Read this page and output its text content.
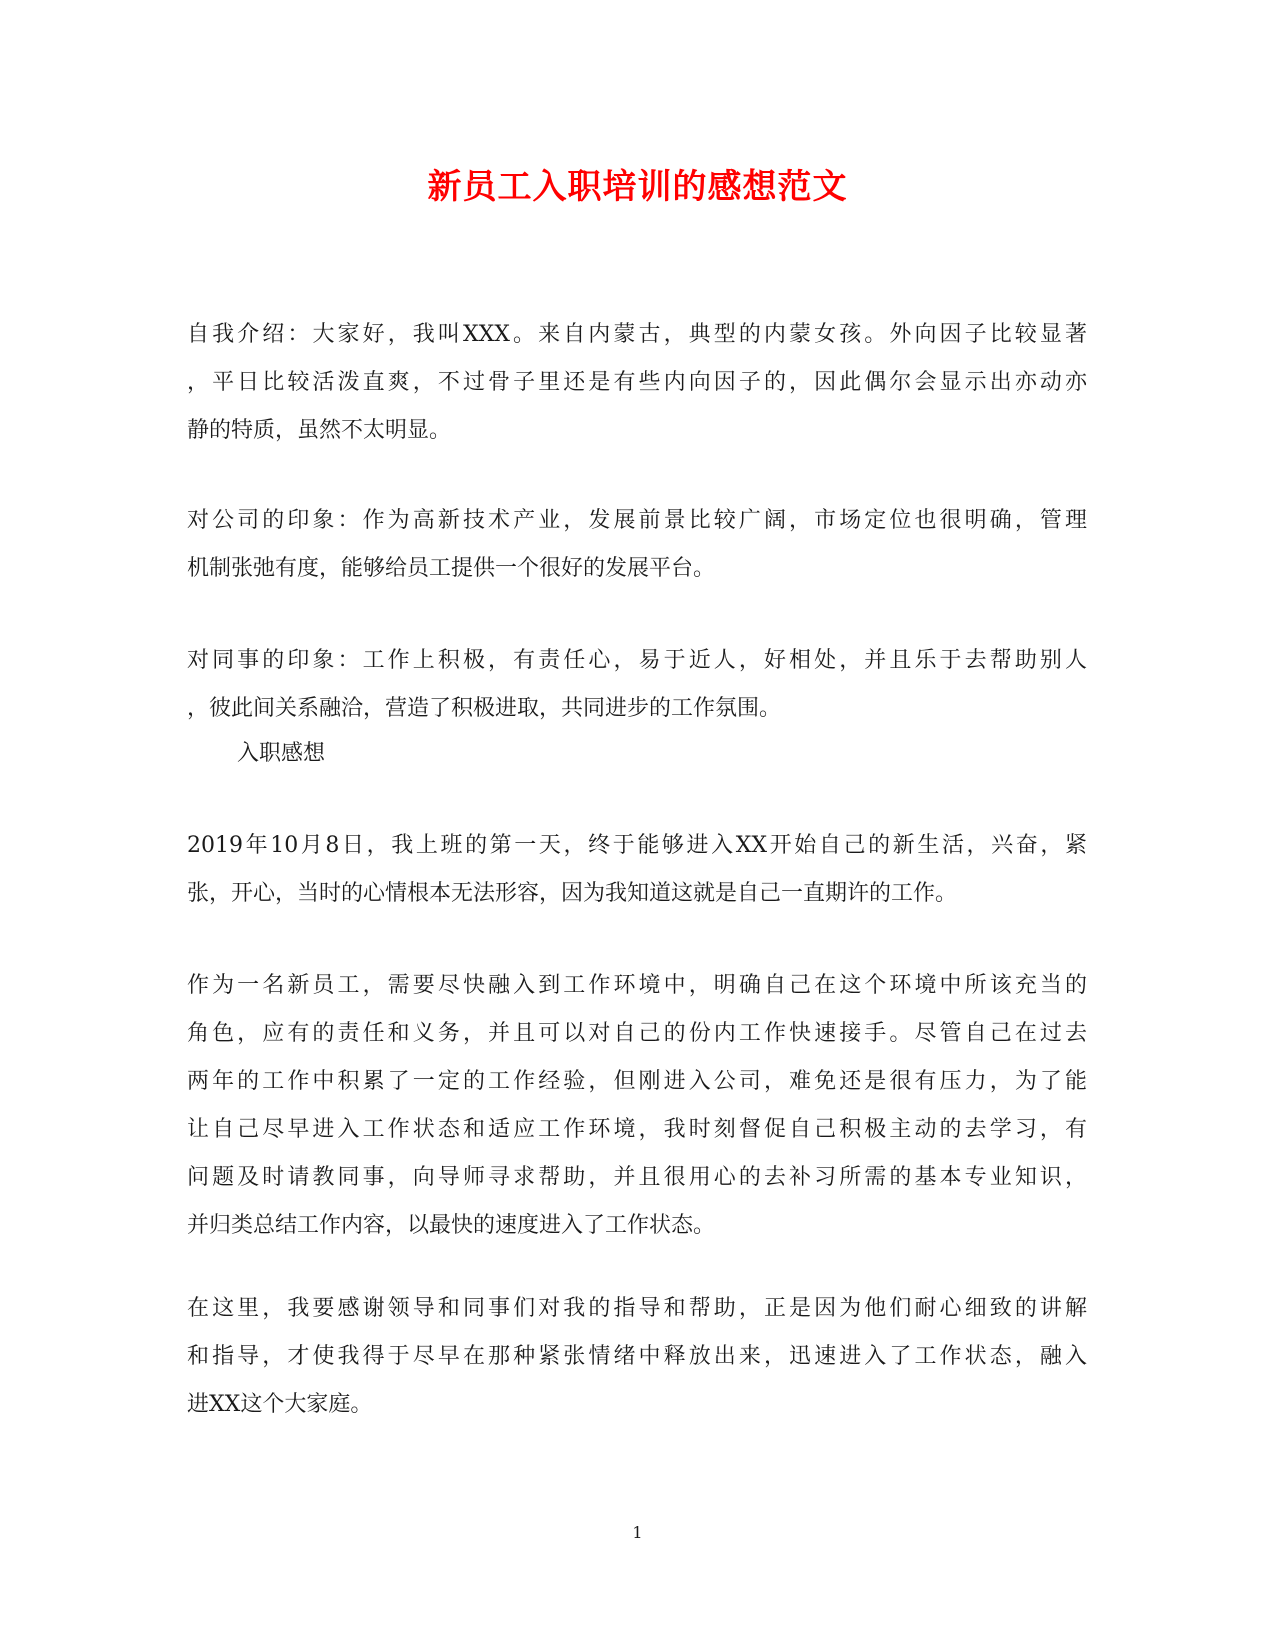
新员工入职培训的感想范文
自我介绍：大家好，我叫XXX。来自内蒙古，典型的内蒙女孩。外向因子比较显著
，平日比较活泼直爽，不过骨子里还是有些内向因子的，因此偶尔会显示出亦动亦
静的特质，虽然不太明显。
对公司的印象：作为高新技术产业，发展前景比较广阔，市场定位也很明确，管理
机制张弛有度，能够给员工提供一个很好的发展平台。
对同事的印象：工作上积极，有责任心，易于近人，好相处，并且乐于去帮助别人
，彼此间关系融洽，营造了积极进取，共同进步的工作氛围。
入职感想
2019年10月8日，我上班的第一天，终于能够进入XX开始自己的新生活，兴奋，紧
张，开心，当时的心情根本无法形容，因为我知道这就是自己一直期许的工作。
作为一名新员工，需要尽快融入到工作环境中，明确自己在这个环境中所该充当的
角色，应有的责任和义务，并且可以对自己的份内工作快速接手。尽管自己在过去
两年的工作中积累了一定的工作经验，但刚进入公司，难免还是很有压力，为了能
让自己尽早进入工作状态和适应工作环境，我时刻督促自己积极主动的去学习，有
问题及时请教同事，向导师寻求帮助，并且很用心的去补习所需的基本专业知识，
并归类总结工作内容，以最快的速度进入了工作状态。
在这里，我要感谢领导和同事们对我的指导和帮助，正是因为他们耐心细致的讲解
和指导，才使我得于尽早在那种紧张情绪中释放出来，迅速进入了工作状态，融入
进XX这个大家庭。
1
